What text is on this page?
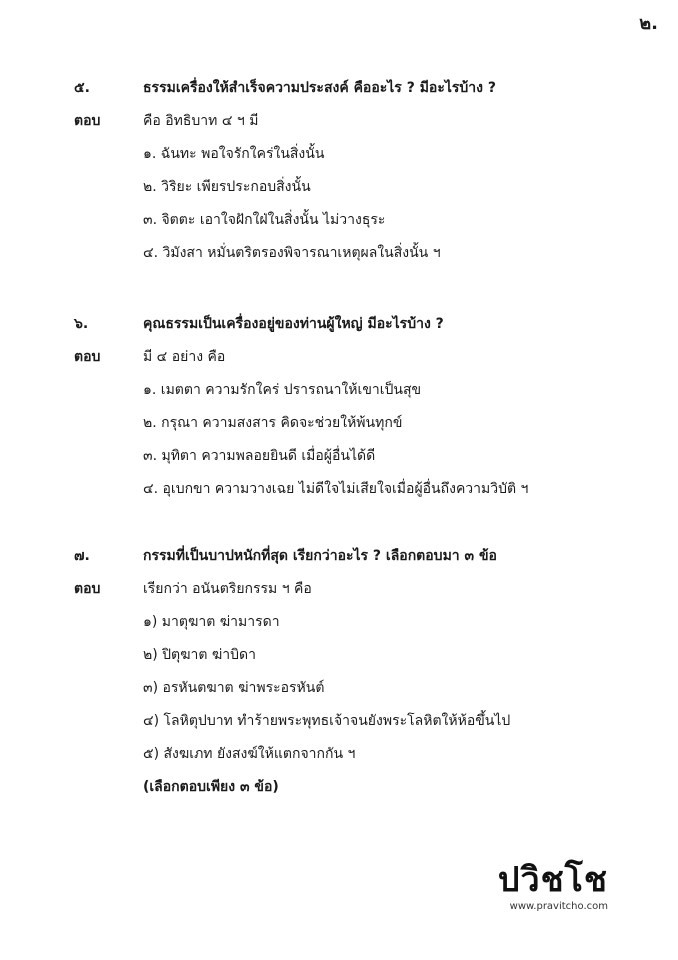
๒.
๕.	ธรรมเครื่องให้สำเร็จความประสงค์ คืออะไร ? มีอะไรบ้าง ?
ตอบ	คือ อิทธิบาท ๔ ฯ มี
๑. ฉันทะ พอใจรักใคร่ในสิ่งนั้น
๒. วิริยะ เพียรประกอบสิ่งนั้น
๓. จิตตะ เอาใจฝักใฝ่ในสิ่งนั้น ไม่วางธุระ
๔. วิมังสา หมั่นตริตรองพิจารณาเหตุผลในสิ่งนั้น ฯ
๖.	คุณธรรมเป็นเครื่องอยู่ของท่านผู้ใหญ่ มีอะไรบ้าง ?
ตอบ	มี ๔ อย่าง คือ
๑. เมตตา ความรักใคร่ ปรารถนาให้เขาเป็นสุข
๒. กรุณา ความสงสาร คิดจะช่วยให้พ้นทุกข์
๓. มุทิตา ความพลอยยินดี เมื่อผู้อื่นได้ดี
๔. อุเบกขา ความวางเฉย ไม่ดีใจไม่เสียใจเมื่อผู้อื่นถึงความวิบัติ ฯ
๗.	กรรมที่เป็นบาปหนักที่สุด เรียกว่าอะไร ? เลือกตอบมา ๓ ข้อ
ตอบ	เรียกว่า อนันตริยกรรม ฯ คือ
๑) มาตุฆาต ฆ่ามารดา
๒) ปิตุฆาต ฆ่าบิดา
๓) อรหันตฆาต ฆ่าพระอรหันต์
๔) โลหิตุปบาท ทำร้ายพระพุทธเจ้าจนยังพระโลหิตให้ห้อขึ้นไป
๕) สังฆเภท ยังสงฆ์ให้แตกจากกัน ฯ
(เลือกตอบเพียง ๓ ข้อ)
ปวิชโช
www.pravitcho.com
